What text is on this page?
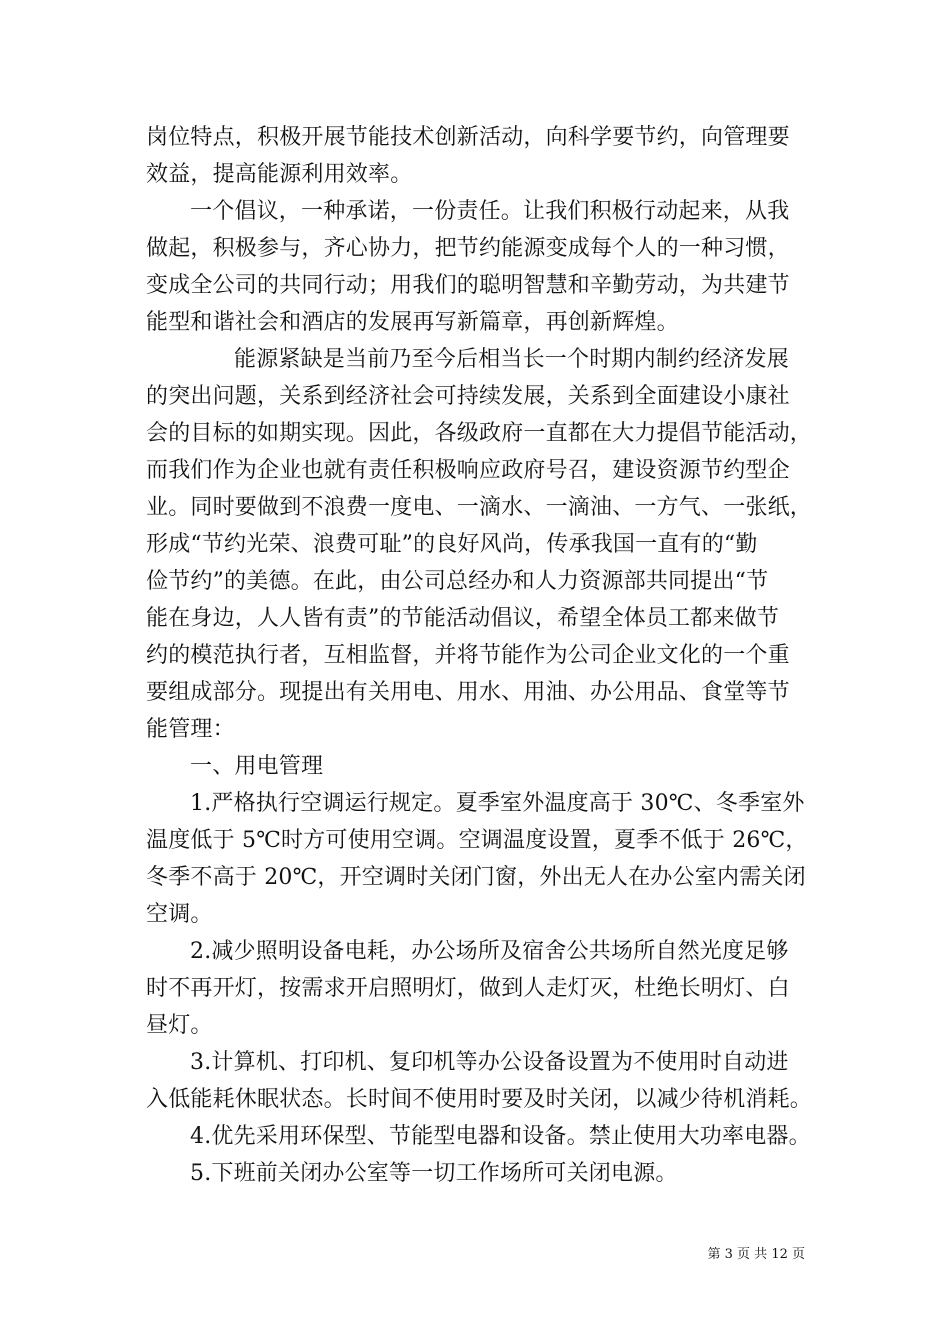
岗位特点，积极开展节能技术创新活动，向科学要节约，向管理要
效益，提高能源利用效率。
一个倡议，一种承诺，一份责任。让我们积极行动起来，从我
做起，积极参与，齐心协力，把节约能源变成每个人的一种习惯，
变成全公司的共同行动；用我们的聪明智慧和辛勤劳动，为共建节
能型和谐社会和酒店的发展再写新篇章，再创新辉煌。
能源紧缺是当前乃至今后相当长一个时期内制约经济发展
的突出问题，关系到经济社会可持续发展，关系到全面建设小康社
会的目标的如期实现。因此，各级政府一直都在大力提倡节能活动，
而我们作为企业也就有责任积极响应政府号召，建设资源节约型企
业。同时要做到不浪费一度电、一滴水、一滴油、一方气、一张纸，
形成“节约光荣、浪费可耻”的良好风尚，传承我国一直有的“勤
俭节约”的美德。在此，由公司总经办和人力资源部共同提出“节
能在身边，人人皆有责”的节能活动倡议，希望全体员工都来做节
约的模范执行者，互相监督，并将节能作为公司企业文化的一个重
要组成部分。现提出有关用电、用水、用油、办公用品、食堂等节
能管理：
一、用电管理
1.严格执行空调运行规定。夏季室外温度高于 30℃、冬季室外
温度低于 5℃时方可使用空调。空调温度设置，夏季不低于 26℃，
冬季不高于 20℃，开空调时关闭门窗，外出无人在办公室内需关闭
空调。
2.减少照明设备电耗，办公场所及宿舍公共场所自然光度足够
时不再开灯，按需求开启照明灯，做到人走灯灭，杜绝长明灯、白
昼灯。
3.计算机、打印机、复印机等办公设备设置为不使用时自动进
入低能耗休眠状态。长时间不使用时要及时关闭，以减少待机消耗。
4.优先采用环保型、节能型电器和设备。禁止使用大功率电器。
5.下班前关闭办公室等一切工作场所可关闭电源。
第 3 页 共 12 页
